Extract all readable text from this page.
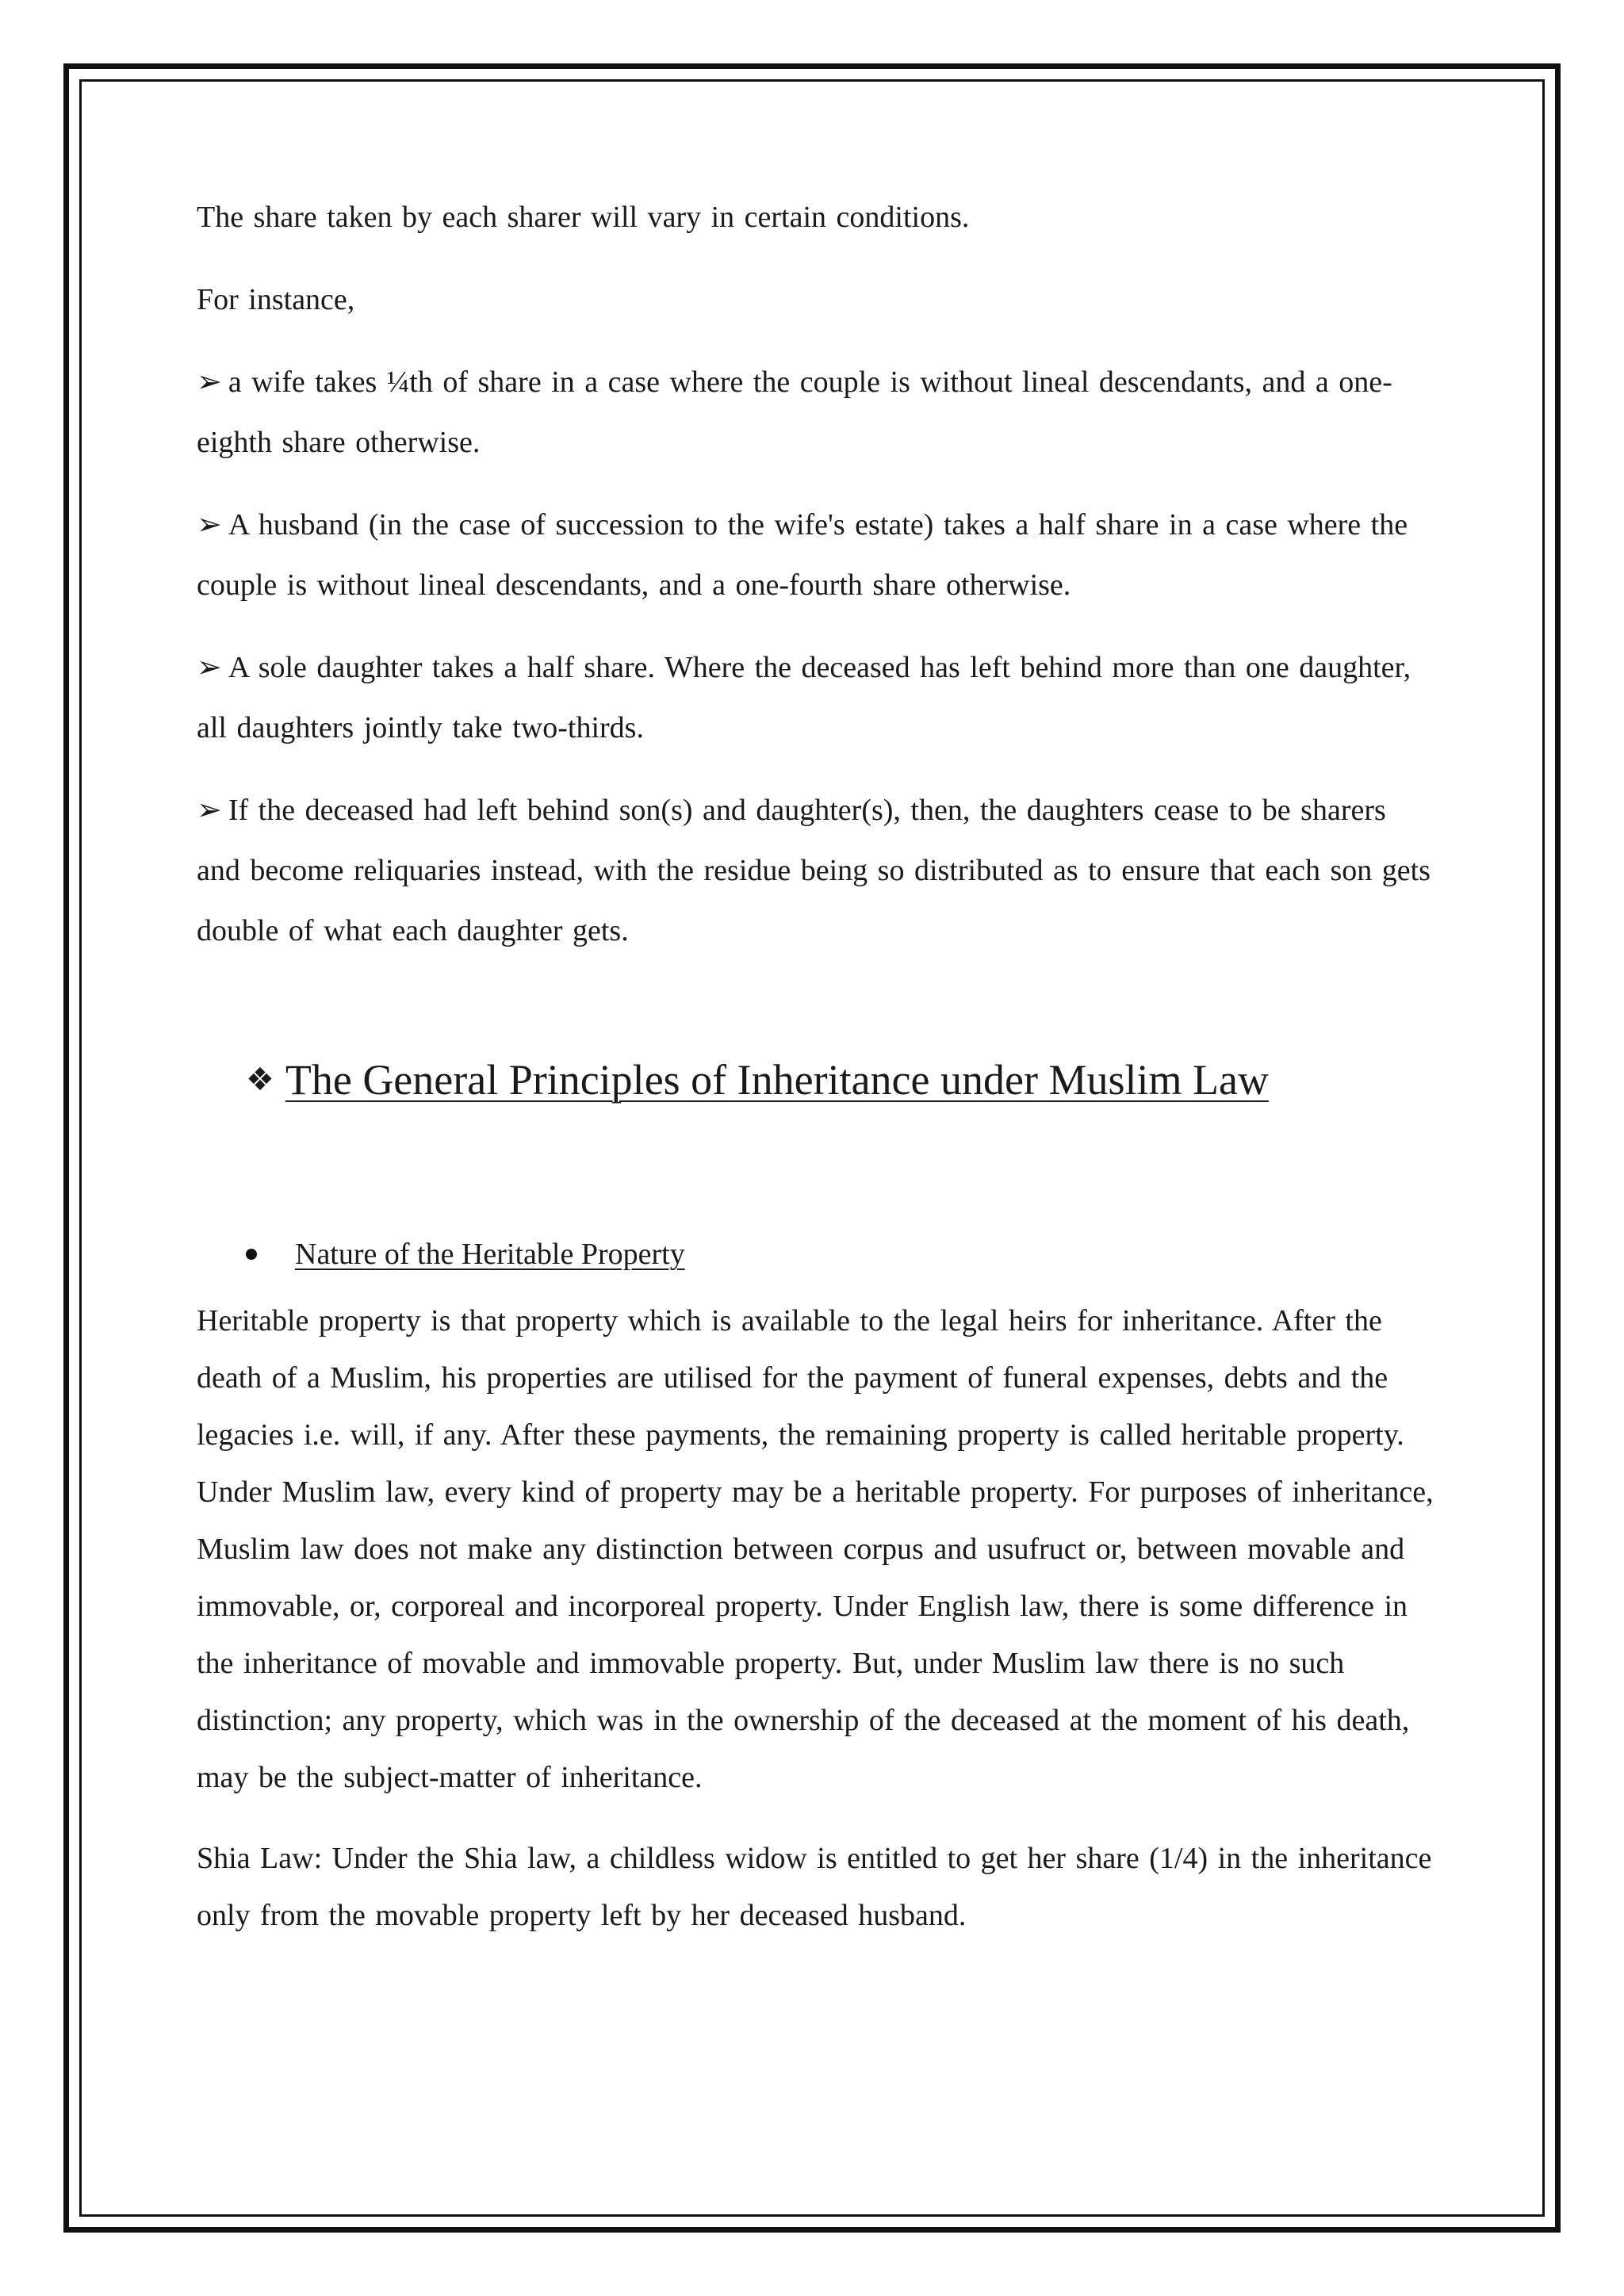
The share taken by each sharer will vary in certain conditions.

For instance,

➢ a wife takes ¼th of share in a case where the couple is without lineal descendants, and a one-eighth share otherwise.

➢ A husband (in the case of succession to the wife's estate) takes a half share in a case where the couple is without lineal descendants, and a one-fourth share otherwise.

➢ A sole daughter takes a half share. Where the deceased has left behind more than one daughter, all daughters jointly take two-thirds.

➢ If the deceased had left behind son(s) and daughter(s), then, the daughters cease to be sharers and become reliquaries instead, with the residue being so distributed as to ensure that each son gets double of what each daughter gets.

❖ The General Principles of Inheritance under Muslim Law
Nature of the Heritable Property

Heritable property is that property which is available to the legal heirs for inheritance. After the death of a Muslim, his properties are utilised for the payment of funeral expenses, debts and the legacies i.e. will, if any. After these payments, the remaining property is called heritable property. Under Muslim law, every kind of property may be a heritable property. For purposes of inheritance, Muslim law does not make any distinction between corpus and usufruct or, between movable and immovable, or, corporeal and incorporeal property. Under English law, there is some difference in the inheritance of movable and immovable property. But, under Muslim law there is no such distinction; any property, which was in the ownership of the deceased at the moment of his death, may be the subject-matter of inheritance.

Shia Law: Under the Shia law, a childless widow is entitled to get her share (1/4) in the inheritance only from the movable property left by her deceased husband.
